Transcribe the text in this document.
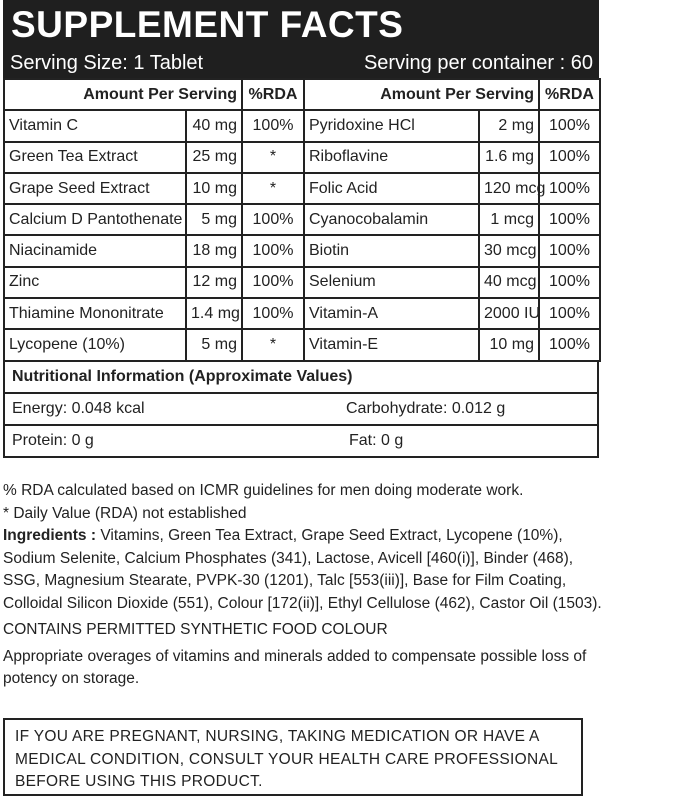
SUPPLEMENT FACTS
Serving Size: 1 Tablet	Serving per container : 60
Amount Per Serving		%RDA	Amount Per Serving		%RDA
Vitamin C	40 mg	100%	Pyridoxine HCl	2 mg	100%
Green Tea Extract	25 mg	*	Riboflavine	1.6 mg	100%
Grape Seed Extract	10 mg	*	Folic Acid	120 mcg	100%
Calcium D Pantothenate	5 mg	100%	Cyanocobalamin	1 mcg	100%
Niacinamide	18 mg	100%	Biotin	30 mcg	100%
Zinc	12 mg	100%	Selenium	40 mcg	100%
Thiamine Mononitrate	1.4 mg	100%	Vitamin-A	2000 IU	100%
Lycopene (10%)	5 mg	*	Vitamin-E	10 mg	100%
Nutritional Information (Approximate Values)
Energy: 0.048 kcal	Carbohydrate: 0.012 g
Protein: 0 g	Fat: 0 g

% RDA calculated based on ICMR guidelines for men doing moderate work.

* Daily Value (RDA) not established

Ingredients : Vitamins, Green Tea Extract, Grape Seed Extract, Lycopene (10%), Sodium Selenite, Calcium Phosphates (341), Lactose, Avicell [460(i)], Binder (468), SSG, Magnesium Stearate, PVPK-30 (1201), Talc [553(iii)], Base for Film Coating, Colloidal Silicon Dioxide (551), Colour [172(ii)], Ethyl Cellulose (462), Castor Oil (1503).

CONTAINS PERMITTED SYNTHETIC FOOD COLOUR

Appropriate overages of vitamins and minerals added to compensate possible loss of potency on storage.

IF YOU ARE PREGNANT, NURSING, TAKING MEDICATION OR HAVE A MEDICAL CONDITION, CONSULT YOUR HEALTH CARE PROFESSIONAL BEFORE USING THIS PRODUCT.
